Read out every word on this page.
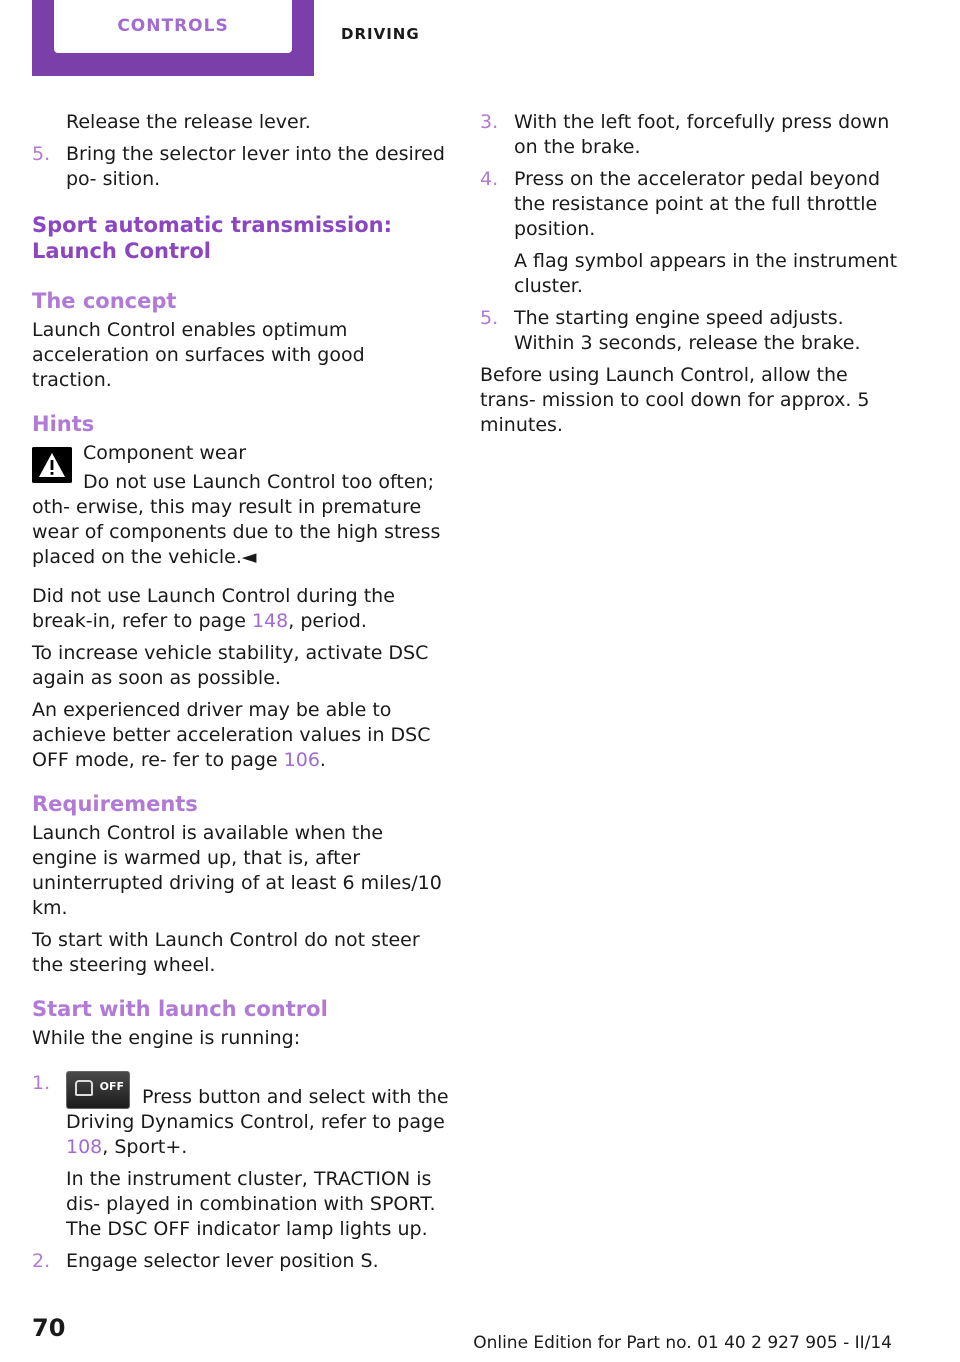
CONTROLS	DRIVING

Release the release lever.

5. Bring the selector lever into the desired po‐ sition.

Sport automatic transmission: Launch Control
The concept

Launch Control enables optimum acceleration on surfaces with good traction.

Hints

Component wear

Do not use Launch Control too often; oth‐ erwise, this may result in premature wear of components due to the high stress placed on the vehicle.◄

Did not use Launch Control during the break-in, refer to page 148, period.

To increase vehicle stability, activate DSC again as soon as possible.

An experienced driver may be able to achieve better acceleration values in DSC OFF mode, re‐ fer to page 106.

Requirements

Launch Control is available when the engine is warmed up, that is, after uninterrupted driving of at least 6 miles/10 km.

To start with Launch Control do not steer the steering wheel.

Start with launch control

While the engine is running:

1.	OFF Press button and select with the Driving Dynamics Control, refer to page 108, Sport+.

In the instrument cluster, TRACTION is dis‐ played in combination with SPORT. The DSC OFF indicator lamp lights up.

2. Engage selector lever position S.

3. With the left foot, forcefully press down on the brake.

4. Press on the accelerator pedal beyond the resistance point at the full throttle position.

A flag symbol appears in the instrument cluster.

5. The starting engine speed adjusts. Within 3 seconds, release the brake.

Before using Launch Control, allow the trans‐ mission to cool down for approx. 5 minutes.

70
Online Edition for Part no. 01 40 2 927 905 - II/14
